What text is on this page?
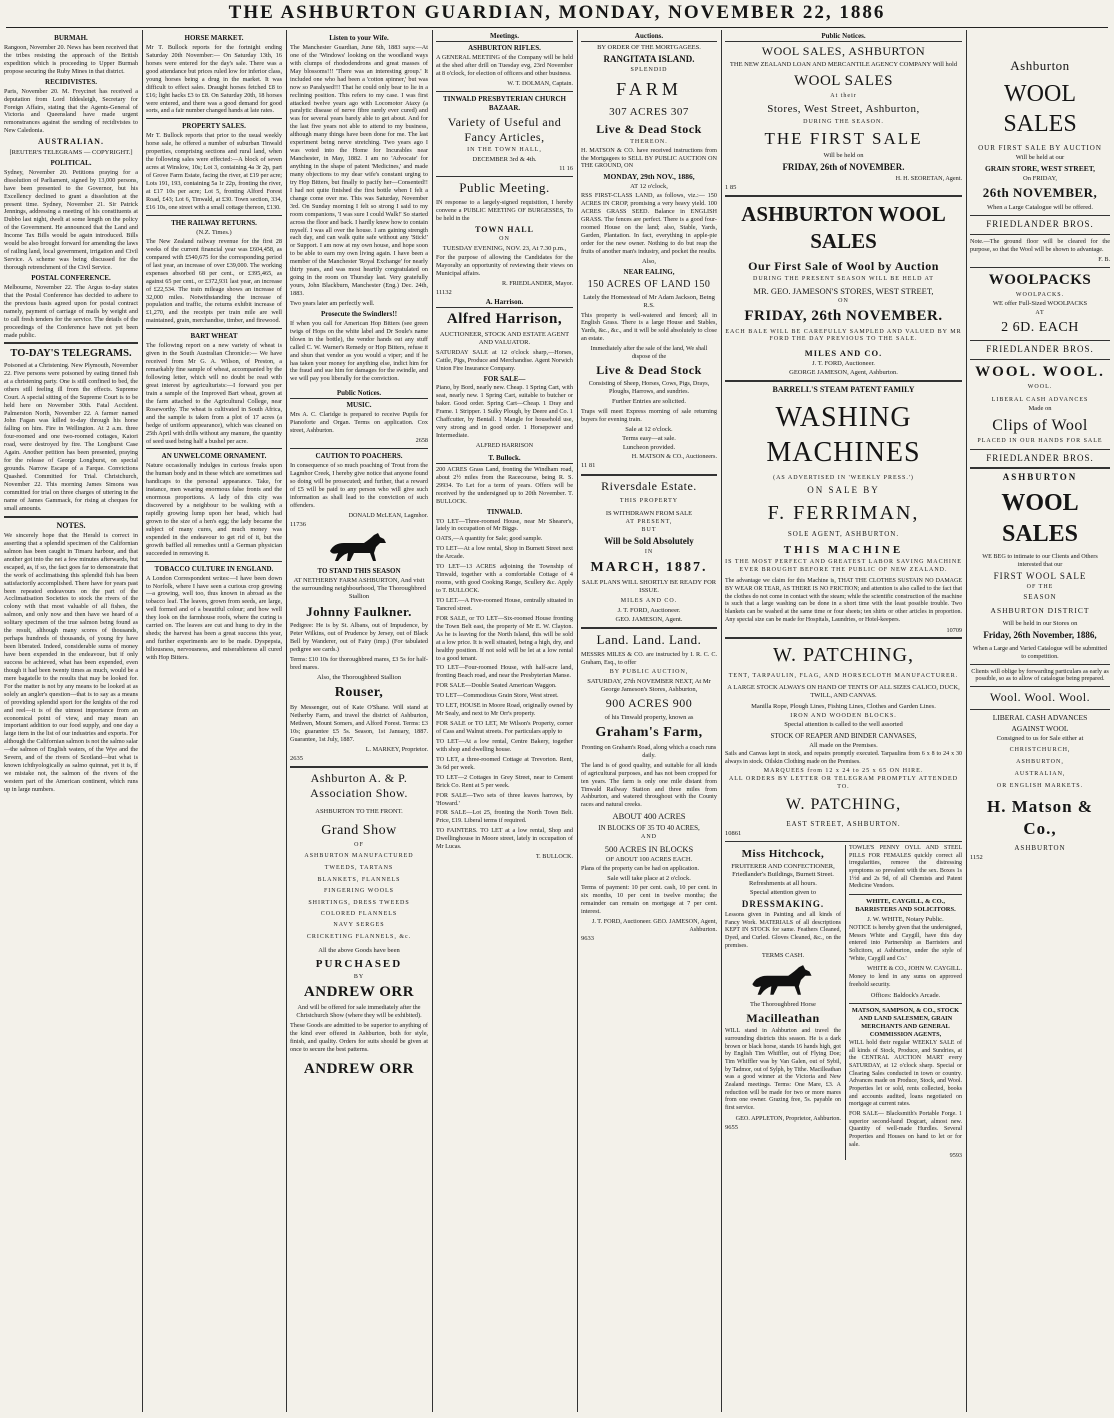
THE ASHBURTON GUARDIAN, MONDAY, NOVEMBER 22, 1886
BURMAH.

Rangoon, November 20. News has been received that the tribes resisting the approach of the British expedition which is proceeding to Upper Burmah propose securing the Ruby Mines in that district.

RECIDIVISTES.

Paris, November 20. M. Freycinet has received a deputation from Lord Iddesleigh, Secretary for Foreign Affairs, stating that the Agents-General of Victoria and Queensland have made urgent remonstrances against the sending of recidivistes to New Caledonia.

AUSTRALIAN.
[REUTER'S TELEGRAMS — COPYRIGHT.]
POLITICAL.

Sydney, November 20. Petitions praying for a dissolution of Parliament, signed by 13,000 persons, have been presented to the Governor, but his Excellency declined to grant a dissolution at the present time. Sydney, November 21. Sir Patrick Jennings, addressing a meeting of his constituents at Dubbo last night, dwelt at some length on the policy of the Government. He announced that the Land and Income Tax Bills would be again introduced. Bills would be also brought forward for amending the laws of railing land, local government, irrigation and Civil Service. A scheme was being discussed for the thorough retrenchment of the Civil Service.

POSTAL CONFERENCE.

Melbourne, November 22. The Argus to-day states that the Postal Conference has decided to adhere to the previous basis agreed upon for postal contract namely, payment of carriage of mails by weight and to call fresh tenders for the service. The details of the proceedings of the Conference have not yet been made public.

TO-DAY'S TELEGRAMS.

Poisoned at a Christening. New Plymouth, November 22. Five persons were poisoned by eating tinned fish at a christening party. One is still confined to bed, the others still feeling ill from the effects. Supreme Court. A special sitting of the Supreme Court is to be held here on November 30th. Fatal Accident. Palmerston North, November 22. A farmer named John Fagan was killed to-day through his horse falling on him. Fire in Wellington. At 2 a.m. three four-roomed and one two-roomed cottages, Kaiori road, were destroyed by fire. The Longburst Case Again. Another petition has been presented, praying for the release of George Longburst, on special grounds. Narrow Escape of a Farque. Convictions Quashed. Committed for Trial. Christchurch, November 22. This morning James Simons was committed for trial on three charges of uttering in the name of James Gammack, for rising at cheques for small amounts.

NOTES.

We sincerely hope that the Herald is correct in asserting that a splendid specimen of the Californian salmon has been caught in Timaru harbour, and that another got into the net a few minutes afterwards, but escaped, as, if so, the fact goes far to demonstrate that the work of acclimatising this splendid fish has been satisfactorily accomplished. There have for years past been repeated endeavours on the part of the Acclimatisation Societies to stock the rivers of the colony with that most valuable of all fishes, the salmon, and only now and then have we heard of a solitary specimen of the true salmon being found as the result, although many scores of thousands, perhaps hundreds of thousands, of young fry have been liberated. Indeed, considerable sums of money have been expended in the endeavour, but if only success be achieved, what has been expended, even though it had been twenty times as much, would be a mere bagatelle to the results that may be looked for. For the matter is not by any means to be looked at as solely an angler's question—that is to say as a means of providing splendid sport for the knights of the rod and reel—it is of the utmost importance from an economical point of view, and may mean an important addition to our food supply, and one day a large item in the list of our industries and exports. For although the Californian salmon is not the salmo salar—the salmon of English waters, of the Wye and the Severn, and of the rivers of Scotland—but what is known ichthyologically as salmo quinnat, yet it is, if we mistake not, the salmon of the rivers of the western part of the American continent, which runs up in large numbers.

HORSE MARKET.

Mr T. Bullock reports for the fortnight ending Saturday 20th November:— On Saturday 13th, 16 horses were entered for the day's sale. There was a good attendance but prices ruled low for inferior class, young horses being a drug in the market. It was difficult to effect sales. Draught horses fetched £8 to £16; light hacks £3 to £8. On Saturday 20th, 18 horses were entered, and there was a good demand for good sorts, and a fair number changed hands at late rates.

PROPERTY SALES.

Mr T. Bullock reports that prior to the usual weekly horse sale, he offered a number of suburban Tinwald properties, comprising sections and rural land, when the following sales were effected:—A block of seven acres at Winslow, 10s; Lot 3, containing 4a 3r 2p, part of Grove Farm Estate, facing the river, at £19 per acre; Lots 191, 193, containing 5a 1r 22p, fronting the river, at £17 10s per acre; Lot 5, fronting Alford Forest Road, £43; Lot 6, Tinwald, at £30. Town section, 334, £16 10s, one street with a small cottage thereon, £130.

THE RAILWAY RETURNS.
(N.Z. Times.)

The New Zealand railway revenue for the first 28 weeks of the current financial year was £604,458, as compared with £540,675 for the corresponding period of last year, an increase of over £39,000. The working expenses absorbed 68 per cent., or £395,465, as against 65 per cent., or £372,931 last year, an increase of £22,534. The train mileage shows an increase of 32,000 miles. Notwithstanding the increase of population and traffic, the returns exhibit increase of £1,270, and the receipts per train mile are well maintained, grain, merchandise, timber, and firewood.

BART WHEAT

The following report on a new variety of wheat is given in the South Australian Chronicle:— We have received from Mr G. A. Wilson, of Preston, a remarkably fine sample of wheat, accompanied by the following letter, which will no doubt be read with great interest by agriculturists:—I forward you per train a sample of the Improved Bart wheat, grown at the farm attached to the Agricultural College, near Roseworthy. The wheat is cultivated in South Africa, and the sample is taken from a plot of 17 acres (a hedge of uniform appearance), which was cleaned on 25th April with drills without any manure, the quantity of seed used being half a bushel per acre.

AN UNWELCOME ORNAMENT.

Nature occasionally indulges in curious freaks upon the human body and in these which are sometimes sad handicaps to the personal appearance. Take, for instance, men wearing enormous false fronts and the enormous proportions. A lady of this city was discovered by a neighbour to be walking with a rapidly growing lump upon her head, which had grown to the size of a hen's egg; the lady became the subject of many cures, and much money was expended in the endeavour to get rid of it, but the growth baffled all remedies until a German physician succeeded in removing it.

TOBACCO CULTURE IN ENGLAND.

A London Correspondent writes:—I have been down to Norfolk, where I have seen a curious crop growing—a growing, well too, thus known in abroad as the tobacco leaf. The leaves, grown from seeds, are large, well formed and of a beautiful colour; and how well they look on the farmhouse roofs, where the curing is carried on. The leaves are cut and hung to dry in the sheds; the harvest has been a great success this year, and further experiments are to be made. Dyspepsia, biliousness, nervousness, and miserableness all cured with Hop Bitters.

Listen to your Wife.

The Manchester Guardian, June 6th, 1883 says:—At one of the 'Windows' looking on the woodland ways with clumps of rhododendrons and great masses of May blossoms!!! 'There was an interesting group.' It included one who had been a 'cotton spinner,' but was now so Paralysed!!! That he could only bear to lie in a reclining position. This refers to my case. I was first attacked twelve years ago with Locomotor Ataxy (a paralytic disease of nerve fibre rarely ever cured) and was for several years barely able to get about. And for the last five years not able to attend to my business, although many things have been done for me. The last experiment being nerve stretching. Two years ago I was voted into the Home for Incurables near Manchester, in May, 1882. I am no 'Advocate' for anything in the shape of patent 'Medicines,' and made many objections to my dear wife's constant urging to try Hop Bitters, but finally to pacify her—Consented!! I had not quite finished the first bottle when I felt a change come over me. This was Saturday, November 3rd. On Sunday morning I felt so strong I said to my room companions, 'I was sure I could Walk!' So started across the floor and back. I hardly knew how to contain myself. I was all over the house. I am gaining strength each day, and can walk quite safe without any 'Stick!' or Support. I am now at my own house, and hope soon to be able to earn my own living again. I have been a member of the Manchester 'Royal Exchange' for nearly thirty years, and was most heartily congratulated on going in the room on Thursday last. Very gratefully yours, John Blackburn, Manchester (Eng.) Dec. 24th, 1883.

Two years later am perfectly well.

Prosecute the Swindlers!!

If when you call for American Hop Bitters (see green twigs of Hops on the white label and Dr Soule's name blown in the bottle), the vendor hands out any stuff called C. W. Warner's Remedy or Hop Bitters, refuse it and shun that vendor as you would a viper; and if he has taken your money for anything else, indict him for the fraud and sue him for damages for the swindle, and we will pay you liberally for the conviction.

Public Notices.
MUSIC.

Mrs A. C. Claridge is prepared to receive Pupils for Pianoforte and Organ. Terms on application. Cox street, Ashburton.

2658
CAUTION TO POACHERS.

In consequence of so much poaching of Trout from the Lagmhor Creek, I hereby give notice that anyone found so doing will be prosecuted; and further, that a reward of £5 will be paid to any person who will give such information as shall lead to the conviction of such offenders.

DONALD McLEAN, Lagmhor.
11736
TO STAND THIS SEASON
AT NETHERBY FARM ASHBURTON, And visit the surrounding neighbourhood, The Thoroughbred Stallion
Johnny Faulkner.

Pedigree: He is by St. Albans, out of Impudence, by Peter Wilkins, out of Prudence by Jersey, out of Black Bell by Wanderer, out of Fairy (imp.) (For tabulated pedigree see cards.)

Terms: £10 10s for thoroughbred mares, £3 5s for half-bred mares.

Also, the Thoroughbred Stallion
Rouser,

By Messenger, out of Kate O'Shane. Will stand at Netherby Farm, and travel the district of Ashburton, Methven, Mount Somers, and Alford Forest. Terms: £3 10s; guarantee £5 5s. Season, 1st January, 1887. Guarantee, 1st July, 1887.

L. MARKEY, Proprietor.
2635
Ashburton A. & P. Association Show.
ASHBURTON TO THE FRONT.
Grand Show
OF
ASHBURTON MANUFACTURED
TWEEDS, TARTANS
BLANKETS, FLANNELS
FINGERING WOOLS
SHIRTINGS, DRESS TWEEDS
COLORED FLANNELS
NAVY SERGES
CRICKETING FLANNELS, &c.
All the above Goods have been
PURCHASED
BY
ANDREW ORR

And will be offered for sale immediately after the Christchurch Show (where they will be exhibited).

These Goods are admitted to be superior to anything of the kind ever offered in Ashburton, both for style, finish, and quality. Orders for suits should be given at once to secure the best patterns.

ANDREW ORR
Meetings.
ASHBURTON RIFLES.

A GENERAL MEETING of the Company will be held at the shed after drill on Tuesday evg, 23rd November at 8 o'clock, for election of officers and other business.

W. T. DOLMAN, Captain.
TINWALD PRESBYTERIAN CHURCH BAZAAR.
Variety of Useful and Fancy Articles,
IN THE TOWN HALL,
DECEMBER 3rd & 4th.
11 16
Public Meeting.

IN response to a largely-signed requisition, I hereby convene a PUBLIC MEETING OF BURGESSES, To be held in the

TOWN HALL
ON
TUESDAY EVENING, NOV. 23, At 7.30 p.m.,

For the purpose of allowing the Candidates for the Mayoralty an opportunity of reviewing their views on Municipal affairs.

R. FRIEDLANDER, Mayor.
11132
A. Harrison.
Alfred Harrison,
AUCTIONEER, STOCK AND ESTATE AGENT AND VALUATOR.

SATURDAY SALE at 12 o'clock sharp,—Horses, Cattle, Pigs, Produce and Merchandise. Agent Norwich Union Fire Insurance Company.

FOR SALE—

Piano, by Bord, nearly new. Cheap. 1 Spring Cart, with seat, nearly new. 1 Spring Cart, suitable to butcher or baker. Good order. Spring Cart—Cheap. 1 Dray and Frame. 1 Stripper. 1 Sulky Plough, by Deere and Co. 1 Chaffcutter, by Bentall. 1 Mangle for household use, very strong and in good order. 1 Horsepower and Intermediate.

ALFRED HARRISON
T. Bullock.

200 ACRES Grass Land, fronting the Windham road, about 2½ miles from the Racecourse, being R. S. 29934. To Let for a term of years. Offers will be received by the undersigned up to 20th November. T. BULLOCK.

TINWALD.

TO LET—Three-roomed House, near Mr Shearer's, lately in occupation of Mr Biggs.

OATS,—A quantity for Sale; good sample.

TO LET—At a low rental, Shop in Burnett Street next the Arcade.

TO LET—13 ACRES adjoining the Township of Tinwald, together with a comfortable Cottage of 4 rooms, with good Cooking Range, Scullery &c. Apply to T. BULLOCK.

TO LET.—A Five-roomed House, centrally situated in Tancred street.

FOR SALE, or TO LET—Six-roomed House fronting the Town Belt east, the property of Mr E. W. Clayton. As he is leaving for the North Island, this will be sold at a low price. It is well situated, being a high, dry, and healthy position. If not sold will be let at a low rental to a good tenant.

TO LET—Four-roomed House, with half-acre land, fronting Beach road, and near the Presbyterian Manse.

FOR SALE—Double Seated American Waggon.

TO LET—Commodious Grain Store, West street.

TO LET, HOUSE in Moore Road, originally owned by Mr Sealy, and next to Mr Orr's property.

FOR SALE or TO LET, Mr Wilson's Property, corner of Cass and Walnut streets. For particulars apply to

TO LET—At a low rental, Centre Bakery, together with shop and dwelling house.

TO LET, a three-roomed Cottage at Trevorton. Rent, 3s 6d per week.

TO LET—2 Cottages in Grey Street, near to Cement Brick Co. Rent at 5 per week.

FOR SALE—Two sets of three leaves harrows, by 'Howard.'

FOR SALE—Lot 25, fronting the North Town Belt. Price, £19. Liberal terms if required.

TO FAINTERS. TO LET at a low rental, Shop and Dwellinghouse in Moore street, lately in occupation of Mr Lucas.

T. BULLOCK.
Auctions.
BY ORDER OF THE MORTGAGEES.
RANGITATA ISLAND.
SPLENDID
FARM
307 ACRES 307
Live & Dead Stock
THEREON.

H. MATSON & CO. have received instructions from the Mortgagees to SELL BY PUBLIC AUCTION ON THE GROUND, ON

MONDAY, 29th NOV., 1886,
AT 12 o'clock,

RSS FIRST-CLASS LAND, as follows, viz.:— 150 ACRES IN CROP, promising a very heavy yield. 100 ACRES GRASS SEED. Balance in ENGLISH GRASS. The fences are perfect. There is a good four-roomed House on the land; also, Stable, Yards, Garden, Plantation. In fact, everything in apple-pie order for the new owner. Nothing to do but reap the fruits of another man's industry, and pocket the results.

Also,
NEAR EALING,
150 ACRES OF LAND 150
Lately the Homestead of Mr Adam Jackson, Being R.S.

This property is well-watered and fenced; all in English Grass. There is a large House and Stables, Yards, &c., &c., and it will be sold absolutely to close an estate.

Immediately after the sale of the land, We shall dispose of the

Live & Dead Stock

Consisting of Sheep, Horses, Cows, Pigs, Drays, Ploughs, Harrows, and sundries.

Further Entries are solicited.

Traps will meet Express morning of sale returning buyers for evening train.

Sale at 12 o'clock.
Terms easy—at sale.
Luncheon provided.
H. MATSON & CO., Auctioneers.
11 81
Riversdale Estate.
THIS PROPERTY
IS WITHDRAWN FROM SALE
AT PRESENT,
BUT
Will be Sold Absolutely
IN
MARCH, 1887.
SALE PLANS WILL SHORTLY BE READY FOR ISSUE.
MILES AND CO.
J. T. FORD, Auctioneer.
GEO. JAMESON, Agent.
Land. Land. Land.

MESSRS MILES & CO. are instructed by I. R. C. C. Graham, Esq., to offer

BY PUBLIC AUCTION,
SATURDAY, 27th NOVEMBER NEXT, At Mr George Jameson's Stores, Ashburton,
900 ACRES 900
of his Tinwald property, known as
Graham's Farm,

Fronting on Graham's Road, along which a coach runs daily.

The land is of good quality, and suitable for all kinds of agricultural purposes, and has not been cropped for ten years. The farm is only one mile distant from Tinwald Railway Station and three miles from Ashburton, and watered throughout with the County races and natural creeks.

ABOUT 400 ACRES
IN BLOCKS OF 35 TO 40 ACRES,
AND
500 ACRES IN BLOCKS
OF ABOUT 100 ACRES EACH.

Plans of the property can be had on application.

Sale will take place at 2 o'clock.

Terms of payment: 10 per cent. cash, 10 per cent. in six months, 10 per cent in twelve months; the remainder can remain on mortgage at 7 per cent. interest.

J. T. FORD, Auctioneer. GEO. JAMESON, Agent, Ashburton.
9633
Public Notices.
WOOL SALES, ASHBURTON
THE NEW ZEALAND LOAN AND MERCANTILE AGENCY COMPANY Will hold
WOOL SALES
At their
Stores, West Street, Ashburton,
DURING THE SEASON.
THE FIRST SALE
Will be held on
FRIDAY, 26th of NOVEMBER.
H. H. SEORETAN, Agent.
1 85
ASHBURTON WOOL SALES
Our First Sale of Wool by Auction
DURING THE PRESENT SEASON WILL BE HELD AT
MR. GEO. JAMESON'S STORES, WEST STREET,
ON
FRIDAY, 26th NOVEMBER.
EACH BALE WILL BE CAREFULLY SAMPLED AND VALUED BY MR FORD THE DAY PREVIOUS TO THE SALE.
MILES AND CO.
J. T. FORD, Auctioneer.
GEORGE JAMESON, Agent, Ashburton.
BARRELL'S STEAM PATENT FAMILY
WASHING MACHINES
(AS ADVERTISED IN 'WEEKLY PRESS.')
ON SALE BY
F. FERRIMAN,
SOLE AGENT, ASHBURTON.
THIS MACHINE
IS THE MOST PERFECT AND GREATEST LABOR SAVING MACHINE EVER BROUGHT BEFORE THE PUBLIC OF NEW ZEALAND.

The advantage we claim for this Machine is, THAT THE CLOTHES SUSTAIN NO DAMAGE BY WEAR OR TEAR, AS THERE IS NO FRICTION; and attention is also called to the fact that the clothes do not come in contact with the steam; while the scientific construction of the machine is such that a large washing can be done in a short time with the least possible trouble. Two blankets can be washed at the same time or four sheets; ten shirts or other articles in proportion. Any special size can be made for Hospitals, Laundries, or Hotel-keepers.

10709
W. PATCHING,
TENT, TARPAULIN, FLAG, AND HORSECLOTH MANUFACTURER.
A LARGE STOCK ALWAYS ON HAND OF TENTS OF ALL SIZES CALICO, DUCK, TWILL, AND CANVAS.
Manilla Rope, Plough Lines, Fishing Lines, Clothes and Garden Lines.
IRON AND WOODEN BLOCKS.
Special attention is called to the well assorted
STOCK OF REAPER AND BINDER CANVASES,
All made on the Premises.

Sails and Canvas kept in stock, and repairs promptly executed. Tarpaulins from 6 x 8 to 24 x 30 always in stock. Oilskin Clothing made on the Premises.

MARQUEES from 12 x 24 to 25 x 65 ON HIRE.
ALL ORDERS BY LETTER OR TELEGRAM PROMPTLY ATTENDED TO.
W. PATCHING,
EAST STREET, ASHBURTON.
10861
Miss Hitchcock,
FRUITERER AND CONFECTIONER, Friedlander's Buildings, Burnett Street. Refreshments at all hours.
Special attention given to
DRESSMAKING.

Lessons given in Painting and all kinds of Fancy Work. MATERIALS of all descriptions KEPT IN STOCK for same. Feathers Cleaned, Dyed, and Curled. Gloves Cleaned, &c., on the premises.

TERMS CASH.
The Thoroughbred Horse
Macilleathan

WILL stand in Ashburton and travel the surrounding districts this season. He is a dark brown or black horse, stands 16 hands high, got by English Tim Whiffler, out of Flying Doe; Tim Whiffler was by Van Galen, out of Sybil, by Tadmor, out of Sylph, by Tithe. Macilleathan was a good winner at the Victoria and New Zealand meetings. Terms: One Mare, £3. A reduction will be made for two or more mares from one owner. Grazing free, 5s. payable on first service.

GEO. APPLETON, Proprietor, Ashburton.
9655

TOWLE'S PENNY OYLL AND STEEL PILLS FOR FEMALES quickly correct all irregularities, remove the distressing symptoms so prevalent with the sex. Boxes 1s 1½d and 2s 9d, of all Chemists and Patent Medicine Vendors.

WHITE, CAYGILL, & CO., BARRISTERS AND SOLICITORS.
J. W. WHITE, Notary Public.

NOTICE is hereby given that the undersigned, Messrs White and Caygill, have this day entered into Partnership as Barristers and Solicitors, at Ashburton, under the style of 'White, Caygill and Co.'

WHITE & CO., JOHN W. CAYGILL.

Money to lend in any sums on approved freehold security.

Offices: Baldock's Arcade.
MATSON, SAMPSON, & CO., STOCK AND LAND SALESMEN, GRAIN MERCHANTS AND GENERAL COMMISSION AGENTS,

WILL hold their regular WEEKLY SALE of all kinds of Stock, Produce, and Sundries, at the CENTRAL AUCTION MART every SATURDAY, at 12 o'clock sharp. Special or Clearing Sales conducted in town or country. Advances made on Produce, Stock, and Wool. Properties let or sold, rents collected, books and accounts audited, loans negotiated on mortgage at current rates.

FOR SALE— Blacksmith's Portable Forge. 1 superior second-hand Dogcart, almost new. Quantity of well-made Hurdles. Several Properties and Houses on hand to let or for sale.

9593
Ashburton
WOOL SALES
OUR FIRST SALE BY AUCTION
Will be held at our
GRAIN STORE, WEST STREET,
On FRIDAY,
26th NOVEMBER,
When a Large Catalogue will be offered.
FRIEDLANDER BROS.

Note.—The ground floor will be cleared for the purpose, so that the Wool will be shown to advantage.

F. B.
WOOLPACKS
WOOLPACKS.
WE offer Full-Sized WOOLPACKS
AT
2 6D. EACH
FRIEDLANDER BROS.
WOOL. WOOL.
WOOL.
LIBERAL CASH ADVANCES
Made on
Clips of Wool
PLACED IN OUR HANDS FOR SALE
FRIEDLANDER BROS.
ASHBURTON
WOOL SALES

WE BEG to intimate to our Clients and Others interested that our

FIRST WOOL SALE
OF THE
SEASON
ASHBURTON DISTRICT
Will be held in our Stores on
Friday, 26th November, 1886,

When a Large and Varied Catalogue will be submitted to competition.

Clients will oblige by forwarding particulars as early as possible, so as to allow of catalogue being prepared.

Wool. Wool. Wool.
LIBERAL CASH ADVANCES
AGAINST WOOL
Consigned to us for Sale either at
CHRISTCHURCH,
ASHBURTON,
AUSTRALIAN,
OR ENGLISH MARKETS.
H. Matson & Co.,
ASHBURTON
1152
